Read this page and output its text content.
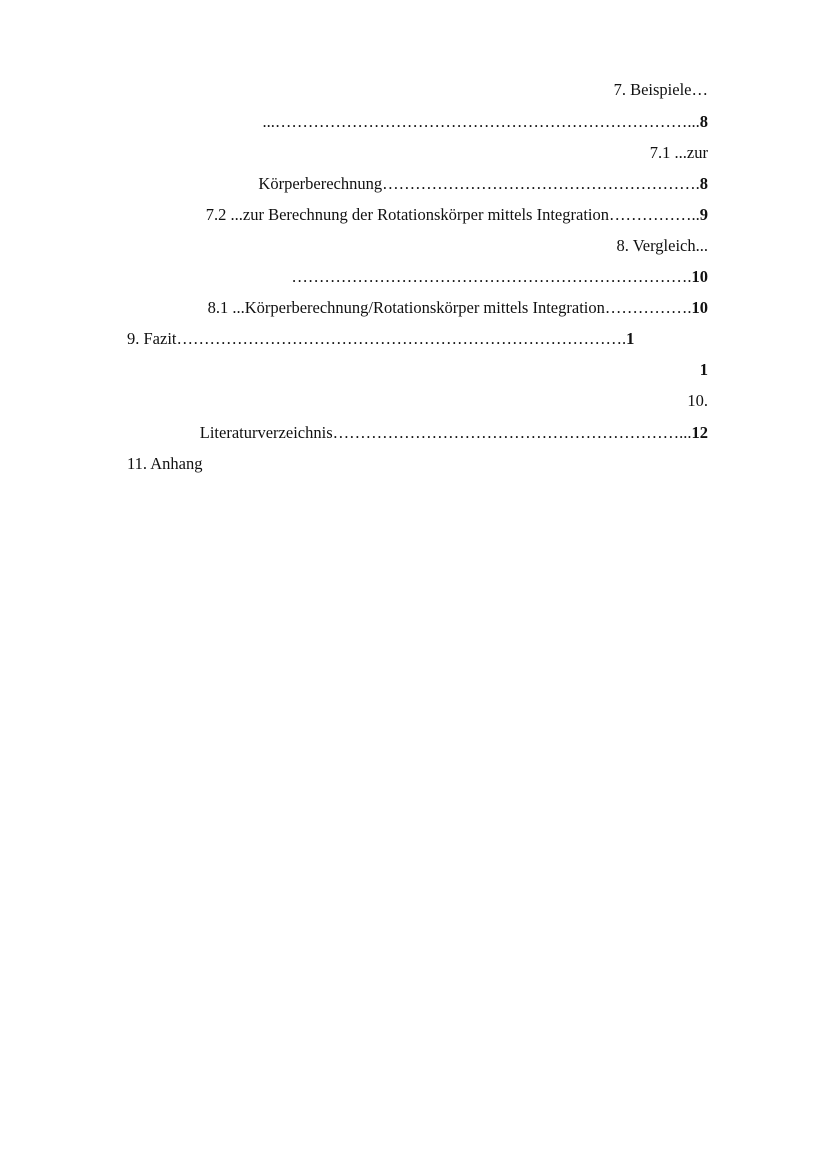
7. Beispiele…
...…………………………………………………………………...8
7.1 ...zur
Körperberechnung………………………………………………….8
7.2 ...zur Berechnung der Rotationskörper mittels Integration……………..9
8. Vergleich...
……………………………………………………………….10
8.1 ...Körperberechnung/Rotationskörper mittels Integration…………….10
9. Fazit……………………………………………………………………….1
1
10.
Literaturverzeichnis………………………………………………………...12
11. Anhang
